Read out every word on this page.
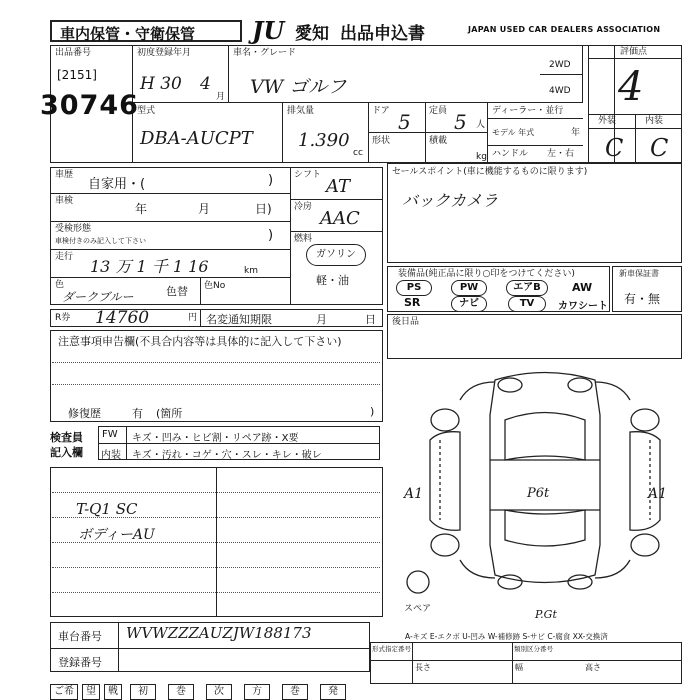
車内保管・守衛保管 JU 愛知 出品申込書	JAPAN USED CAR DEALERS ASSOCIATION
出品番号
[2151]
30746
初度登録年月
H 30 4
月
車名・グレード
VW ゴルフ
2WD
4WD
型式
DBA-AUCPT
排気量
1.390
cc
ドア 5
形状
定員 5 人
積載
kg
ディーラー・並行
モデル 年式	年
ハンドル 左・右
評価点
4
外装	内装
C C
車歴
自家用・(	)
車検
年	月	日)
受検形態
車検付きのみ記入して下さい	)
走行 13 万 1 千 1 16	km
色
ダークブルー	色替 色No
シフト
AT
冷房
AAC
燃料
ガソリン
軽・油
セールスポイント(車に機能するものに限ります)
バックカメラ
装備品(純正品に限り○印をつけてください)
PS	PW	エアB	AW
SR	ナビ	TV	カワシート
新車保証書
有・無
R券 14760	円 名変通知期限	月	日 後日品
注意事項申告欄(不具合内容等は具体的に記入して下さい)
修復歴	有 (箇所	)
検査員
記入欄
FW キズ・凹み・ヒビ割・リペア跡・X要
内装 キズ・汚れ・コゲ・穴・スレ・キレ・破レ
T-Q1 SC
ボディーAU
A1	P6t	A1
P.Gt
スペア
A-キズ E-エクボ U-凹み W-補修跡 S-サビ C-腐食 XX-交換済
車台番号 WVWZZZAUZJW188173
登録番号
形式指定番号	類別区分番号
長さ	幅	高さ
ご希	望	戦	初	巻	次	方	巻	発
